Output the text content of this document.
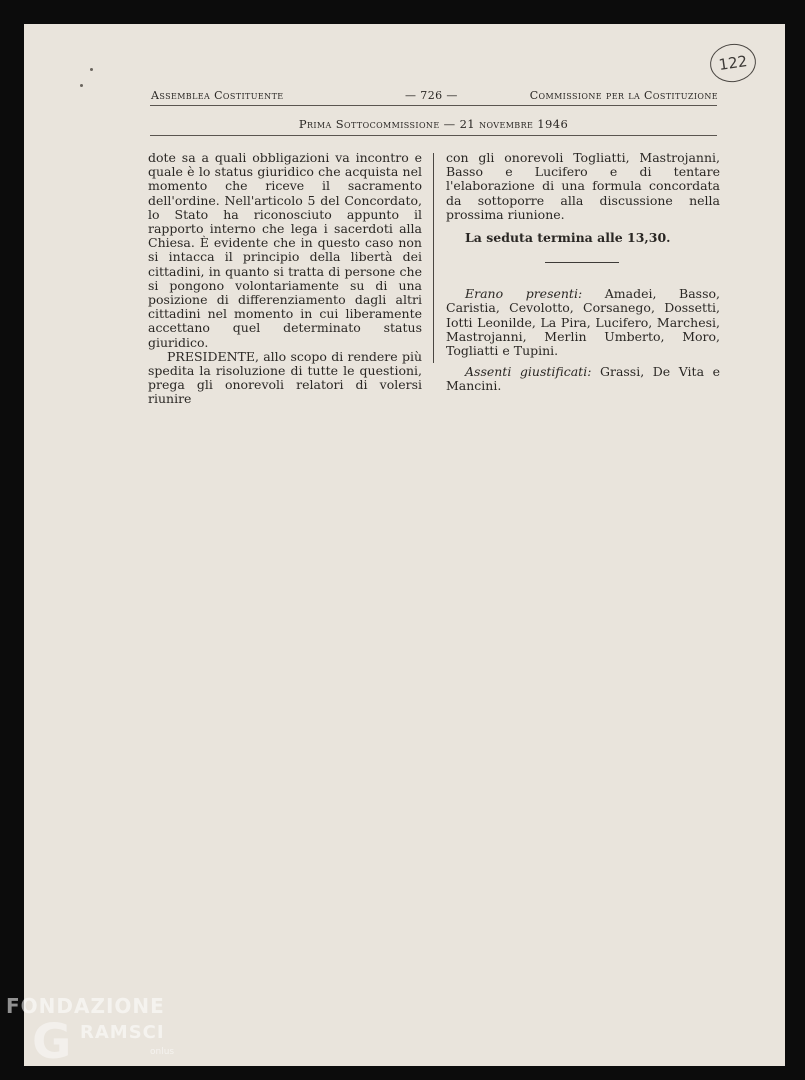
122
Assemblea Costituente	— 726 —	Commissione per la Costituzione
Prima Sottocommissione — 21 novembre 1946

dote sa a quali obbligazioni va incontro e quale è lo status giuridico che acquista nel momento che riceve il sacramento dell'ordine. Nell'articolo 5 del Concordato, lo Stato ha riconosciuto appunto il rapporto interno che lega i sacerdoti alla Chiesa. È evidente che in questo caso non si intacca il principio della libertà dei cittadini, in quanto si tratta di persone che si pongono volontariamente su di una posizione di differenziamento dagli altri cittadini nel momento in cui liberamente accettano quel determinato status giuridico.

PRESIDENTE, allo scopo di rendere più spedita la risoluzione di tutte le questioni, prega gli onorevoli relatori di volersi riunire

con gli onorevoli Togliatti, Mastrojanni, Basso e Lucifero e di tentare l'elaborazione di una formula concordata da sottoporre alla discussione nella prossima riunione.

La seduta termina alle 13,30.

Erano presenti: Amadei, Basso, Caristia, Cevolotto, Corsanego, Dossetti, Iotti Leonilde, La Pira, Lucifero, Marchesi, Mastrojanni, Merlin Umberto, Moro, Togliatti e Tupini.

Assenti giustificati: Grassi, De Vita e Mancini.

FONDAZIONE
G RAMSCI
onlus
